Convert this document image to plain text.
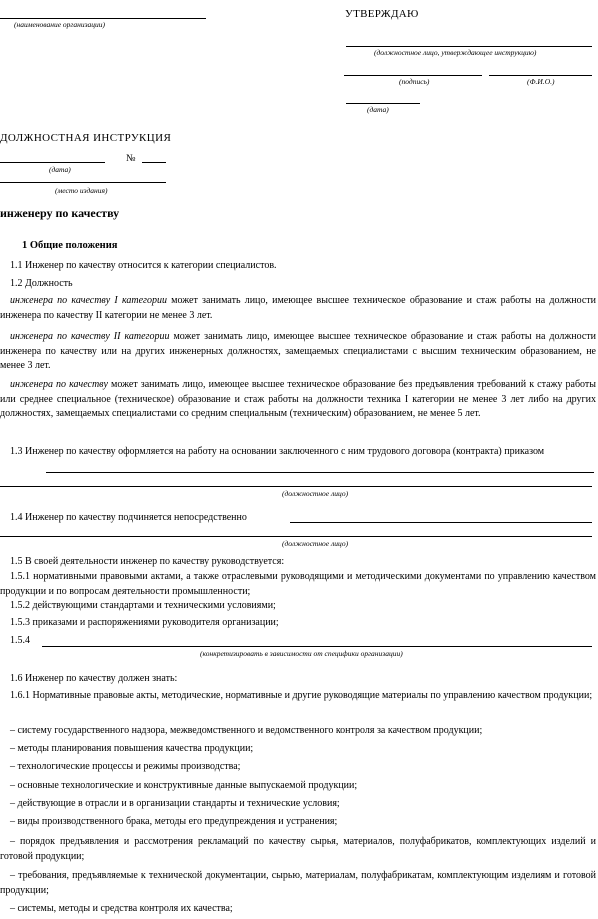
(наименование организации)
УТВЕРЖДАЮ
(должностное лицо, утверждающее инструкцию)
(подпись)	(Ф.И.О.)
(дата)
ДОЛЖНОСТНАЯ ИНСТРУКЦИЯ
№
(дата)
(место издания)
инженеру по качеству
1 Общие положения
1.1 Инженер по качеству относится к категории специалистов.
1.2 Должность
инженера по качеству I категории может занимать лицо, имеющее высшее техническое образование и стаж работы на должности инженера по качеству II категории не менее 3 лет.
инженера по качеству II категории может занимать лицо, имеющее высшее техническое образование и стаж работы на должности инженера по качеству или на других инженерных должностях, замещаемых специалистами с высшим техническим образованием, не менее 3 лет.
инженера по качеству может занимать лицо, имеющее высшее техническое образование без предъявления требований к стажу работы или среднее специальное (техническое) образование и стаж работы на должности техника I категории не менее 3 лет либо на других должностях, замещаемых специалистами со средним специальным (техническим) образованием, не менее 5 лет.
1.3 Инженер по качеству оформляется на работу на основании заключенного с ним трудового договора (контракта) приказом
(должностное лицо)
1.4 Инженер по качеству подчиняется непосредственно
(должностное лицо)
1.5 В своей деятельности инженер по качеству руководствуется:
1.5.1 нормативными правовыми актами, а также отраслевыми руководящими и методическими документами по управлению качеством продукции и по вопросам деятельности промышленности;
1.5.2 действующими стандартами и техническими условиями;
1.5.3 приказами и распоряжениями руководителя организации;
1.5.4
(конкретизировать в зависимости от специфики организации)
1.6 Инженер по качеству должен знать:
1.6.1 Нормативные правовые акты, методические, нормативные и другие руководящие материалы по управлению качеством продукции;
– систему государственного надзора, межведомственного и ведомственного контроля за качеством продукции;
– методы планирования повышения качества продукции;
– технологические процессы и режимы производства;
– основные технологические и конструктивные данные выпускаемой продукции;
– действующие в отрасли и в организации стандарты и технические условия;
– виды производственного брака, методы его предупреждения и устранения;
– порядок предъявления и рассмотрения рекламаций по качеству сырья, материалов, полуфабрикатов, комплектующих изделий и готовой продукции;
– требования, предъявляемые к технической документации, сырью, материалам, полуфабрикатам, комплектующим изделиям и готовой продукции;
– системы, методы и средства контроля их качества;
